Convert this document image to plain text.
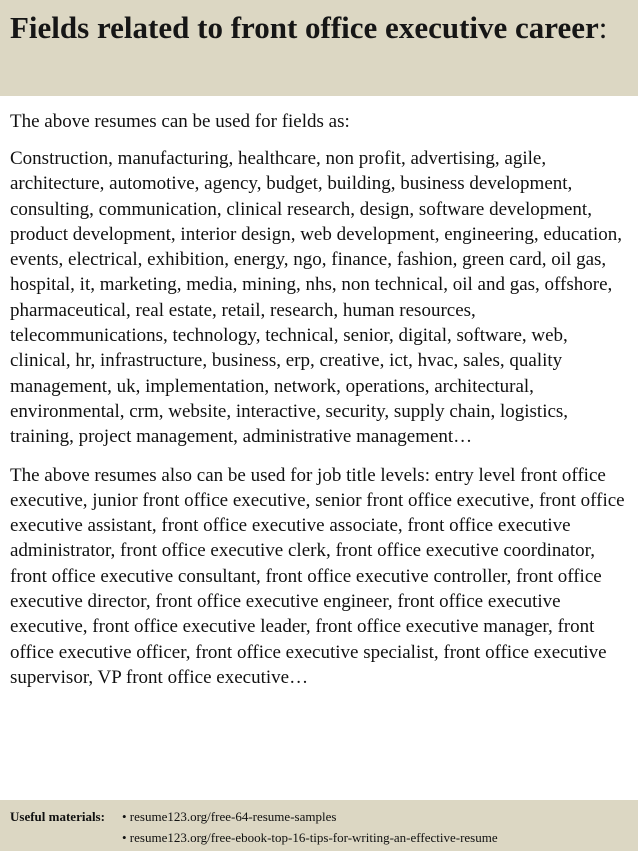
Fields related to front office executive career:

The above resumes can be used for fields as:

Construction, manufacturing, healthcare, non profit, advertising, agile, architecture, automotive, agency, budget, building, business development, consulting, communication, clinical research, design, software development, product development, interior design, web development, engineering, education, events, electrical, exhibition, energy, ngo, finance, fashion, green card, oil gas, hospital, it, marketing, media, mining, nhs, non technical, oil and gas, offshore, pharmaceutical, real estate, retail, research, human resources, telecommunications, technology, technical, senior, digital, software, web, clinical, hr, infrastructure, business, erp, creative, ict, hvac, sales, quality management, uk, implementation, network, operations, architectural, environmental, crm, website, interactive, security, supply chain, logistics, training, project management, administrative management…

The above resumes also can be used for job title levels: entry level front office executive, junior front office executive, senior front office executive, front office executive assistant, front office executive associate, front office executive administrator, front office executive clerk, front office executive coordinator, front office executive consultant, front office executive controller, front office executive director, front office executive engineer, front office executive executive, front office executive leader, front office executive manager, front office executive officer, front office executive specialist, front office executive supervisor, VP front office executive…

Useful materials: • resume123.org/free-64-resume-samples
• resume123.org/free-ebook-top-16-tips-for-writing-an-effective-resume
